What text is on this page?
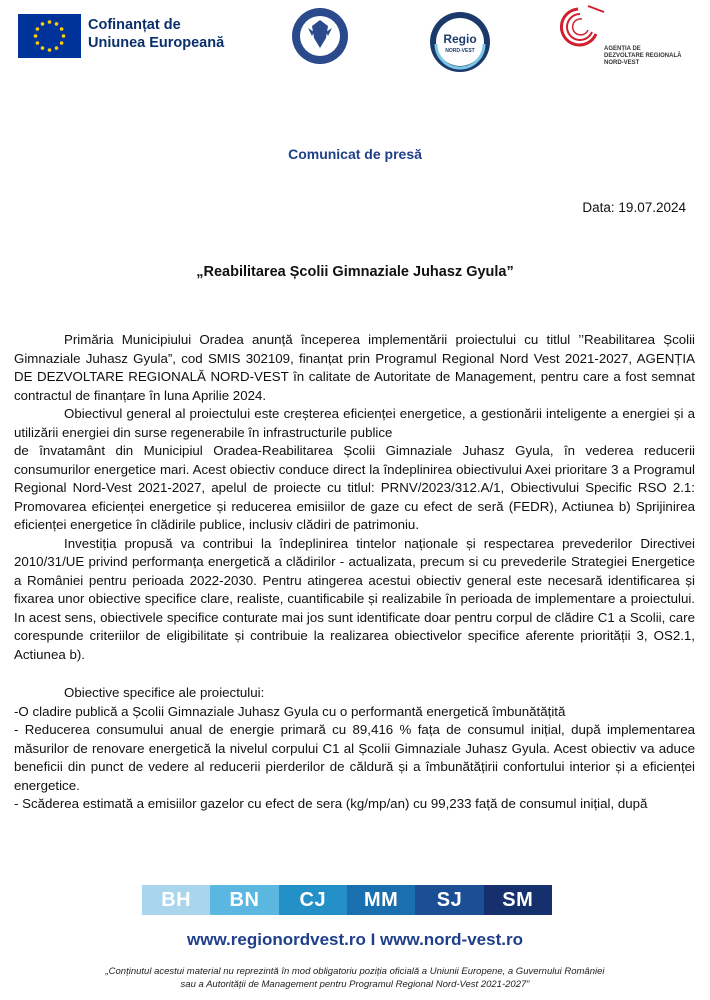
Cofinanțat de
Uniunea Europeană	Regio
NORD-VEST	AGENȚIA DE
DEZVOLTARE REGIONALĂ
NORD-VEST
Comunicat de presă
Data: 19.07.2024
„Reabilitarea Școlii Gimnaziale Juhasz Gyula”

Primăria Municipiului Oradea anunță începerea implementării proiectului cu titlul ’’Reabilitarea Școlii Gimnaziale Juhasz Gyula”, cod SMIS 302109, finanțat prin Programul Regional Nord Vest 2021-2027, AGENȚIA DE DEZVOLTARE REGIONALĂ NORD-VEST în calitate de Autoritate de Management, pentru care a fost semnat contractul de finanțare în luna Aprilie 2024.

Obiectivul general al proiectului este creșterea eficienței energetice, a gestionării inteligente a energiei și a utilizării energiei din surse regenerabile în infrastructurile publice

de învatamânt din Municipiul Oradea-Reabilitarea Școlii Gimnaziale Juhasz Gyula, în vederea reducerii consumurilor energetice mari. Acest obiectiv conduce direct la îndeplinirea obiectivului Axei prioritare 3 a Programul Regional Nord-Vest 2021-2027, apelul de proiecte cu titlul: PRNV/2023/312.A/1, Obiectivului Specific RSO 2.1: Promovarea eficienței energetice și reducerea emisiilor de gaze cu efect de seră (FEDR), Actiunea b) Sprijinirea eficienței energetice în clădirile publice, inclusiv clădiri de patrimoniu.

Investiția propusă va contribui la îndeplinirea tintelor naționale și respectarea prevederilor Directivei 2010/31/UE privind performanța energetică a clădirilor - actualizata, precum si cu prevederile Strategiei Energetice a României pentru perioada 2022-2030. Pentru atingerea acestui obiectiv general este necesară identificarea și fixarea unor obiective specifice clare, realiste, cuantificabile și realizabile în perioada de implementare a proiectului. In acest sens, obiectivele specifice conturate mai jos sunt identificate doar pentru corpul de clădire C1 a Scolii, care corespunde criteriilor de eligibilitate și contribuie la realizarea obiectivelor specifice aferente priorității 3, OS2.1, Actiunea b).

Obiective specifice ale proiectului:

-O cladire publică a Școlii Gimnaziale Juhasz Gyula cu o performantă energetică îmbunătățită

- Reducerea consumului anual de energie primară cu 89,416 % fața de consumul inițial, după implementarea măsurilor de renovare energetică la nivelul corpului C1 al Școlii Gimnaziale Juhasz Gyula. Acest obiectiv va aduce beneficii din punct de vedere al reducerii pierderilor de căldură și a îmbunătățirii confortului interior și a eficienței energetice.

- Scăderea estimată a emisiilor gazelor cu efect de sera (kg/mp/an) cu 99,233 față de consumul inițial, după

BH	BN	CJ	MM	SJ	SM
www.regionordvest.ro I www.nord-vest.ro
„Conținutul acestui material nu reprezintă în mod obligatoriu poziția oficială a Uniunii Europene, a Guvernului României
sau a Autorității de Management pentru Programul Regional Nord-Vest 2021-2027”
